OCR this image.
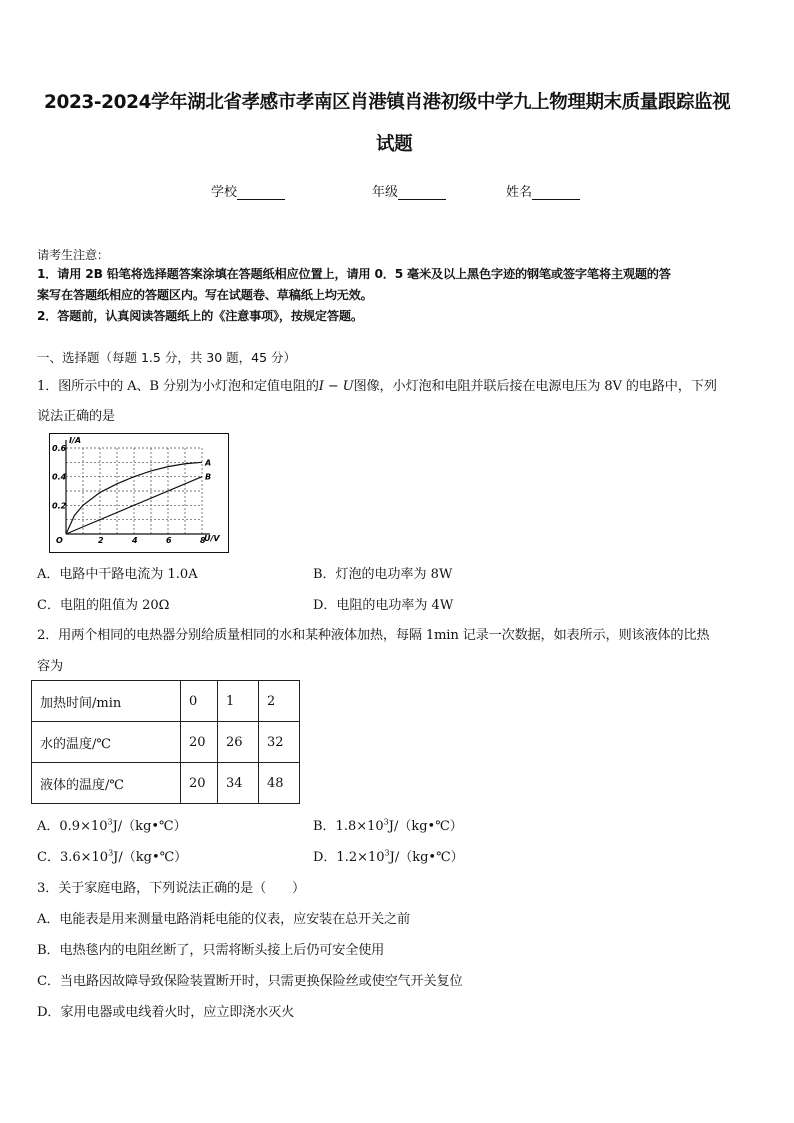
2023-2024学年湖北省孝感市孝南区肖港镇肖港初级中学九上物理期末质量跟踪监视
试题
学校	年级	姓名
请考生注意：
1．请用 2B 铅笔将选择题答案涂填在答题纸相应位置上，请用 0．5 毫米及以上黑色字迹的钢笔或签字笔将主观题的答
案写在答题纸相应的答题区内。写在试题卷、草稿纸上均无效。
2．答题前，认真阅读答题纸上的《注意事项》，按规定答题。
一、选择题（每题 1.5 分，共 30 题，45 分）
1．图所示中的 A、B 分别为小灯泡和定值电阻的I − U图像，小灯泡和电阻并联后接在电源电压为 8V 的电路中，下列
说法正确的是
A
B
2	4	6	8
0.2
0.4
0.6
O
I/A
U/V
A．电路中干路电流为 1.0A	B．灯泡的电功率为 8W
C．电阻的阻值为 20Ω	D．电阻的电功率为 4W
2．用两个相同的电热器分别给质量相同的水和某种液体加热，每隔 1min 记录一次数据，如表所示，则该液体的比热
容为
加热时间/min	0	1	2
水的温度/℃	20	26	32
液体的温度/℃	20	34	48
A．$0.9\times 10^3J/(kg•℃)$	B．$1.8\times 10^3J/(kg•℃)$
C．$3.6\times 10^3J/(kg•℃)$	D．$1.2\times 10^3J/(kg•℃)$
3．关于家庭电路，下列说法正确的是（　　）
A．电能表是用来测量电路消耗电能的仪表，应安装在总开关之前
B．电热毯内的电阻丝断了，只需将断头接上后仍可安全使用
C．当电路因故障导致保险装置断开时，只需更换保险丝或使空气开关复位
D．家用电器或电线着火时，应立即浇水灭火
